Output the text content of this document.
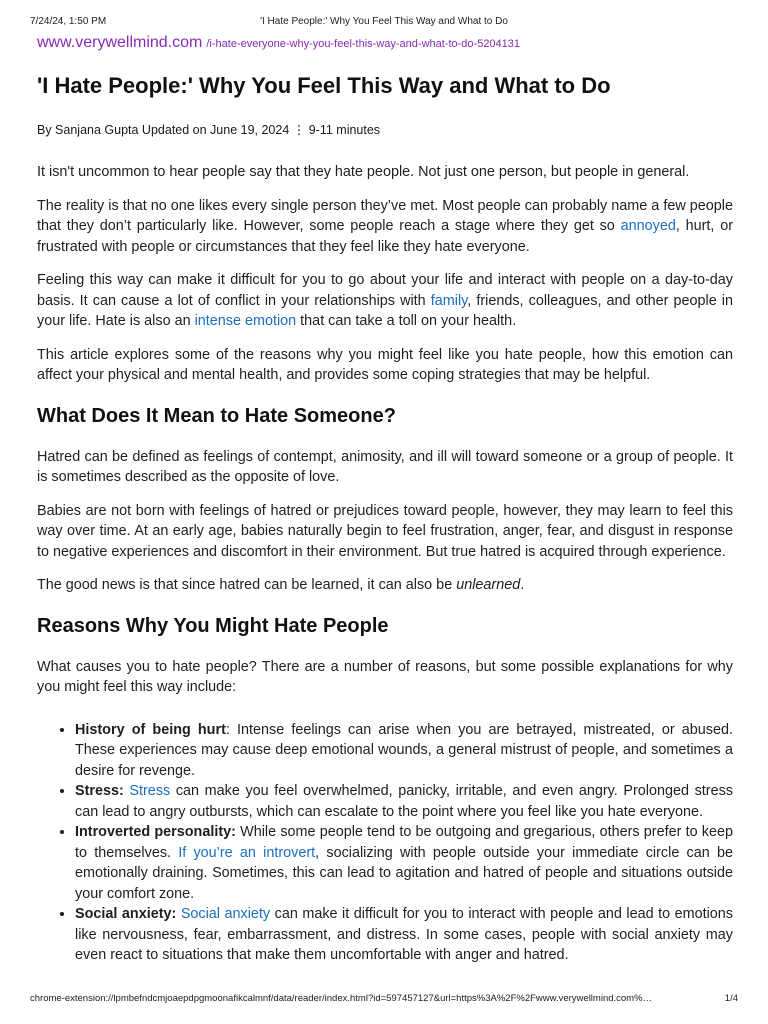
7/24/24, 1:50 PM	'I Hate People:' Why You Feel This Way and What to Do
www.verywellmind.com /i-hate-everyone-why-you-feel-this-way-and-what-to-do-5204131
'I Hate People:' Why You Feel This Way and What to Do
By Sanjana Gupta Updated on June 19, 2024 ⋮ 9-11 minutes

It isn't uncommon to hear people say that they hate people. Not just one person, but people in general.

The reality is that no one likes every single person they’ve met. Most people can probably name a few people that they don’t particularly like. However, some people reach a stage where they get so annoyed, hurt, or frustrated with people or circumstances that they feel like they hate everyone.

Feeling this way can make it difficult for you to go about your life and interact with people on a day-to-day basis. It can cause a lot of conflict in your relationships with family, friends, colleagues, and other people in your life. Hate is also an intense emotion that can take a toll on your health.

This article explores some of the reasons why you might feel like you hate people, how this emotion can affect your physical and mental health, and provides some coping strategies that may be helpful.

What Does It Mean to Hate Someone?

Hatred can be defined as feelings of contempt, animosity, and ill will toward someone or a group of people. It is sometimes described as the opposite of love.

Babies are not born with feelings of hatred or prejudices toward people, however, they may learn to feel this way over time. At an early age, babies naturally begin to feel frustration, anger, fear, and disgust in response to negative experiences and discomfort in their environment. But true hatred is acquired through experience.

The good news is that since hatred can be learned, it can also be unlearned.

Reasons Why You Might Hate People

What causes you to hate people? There are a number of reasons, but some possible explanations for why you might feel this way include:

• History of being hurt: Intense feelings can arise when you are betrayed, mistreated, or abused. These experiences may cause deep emotional wounds, a general mistrust of people, and sometimes a desire for revenge.
• Stress: Stress can make you feel overwhelmed, panicky, irritable, and even angry. Prolonged stress can lead to angry outbursts, which can escalate to the point where you feel like you hate everyone.
• Introverted personality: While some people tend to be outgoing and gregarious, others prefer to keep to themselves. If you’re an introvert, socializing with people outside your immediate circle can be emotionally draining. Sometimes, this can lead to agitation and hatred of people and situations outside your comfort zone.
• Social anxiety: Social anxiety can make it difficult for you to interact with people and lead to emotions like nervousness, fear, embarrassment, and distress. In some cases, people with social anxiety may even react to situations that make them uncomfortable with anger and hatred.
chrome-extension://lpmbefndcmjoaepdpgmoonafikcalmnf/data/reader/index.html?id=597457127&url=https%3A%2F%2Fwww.verywellmind.com%…	1/4
